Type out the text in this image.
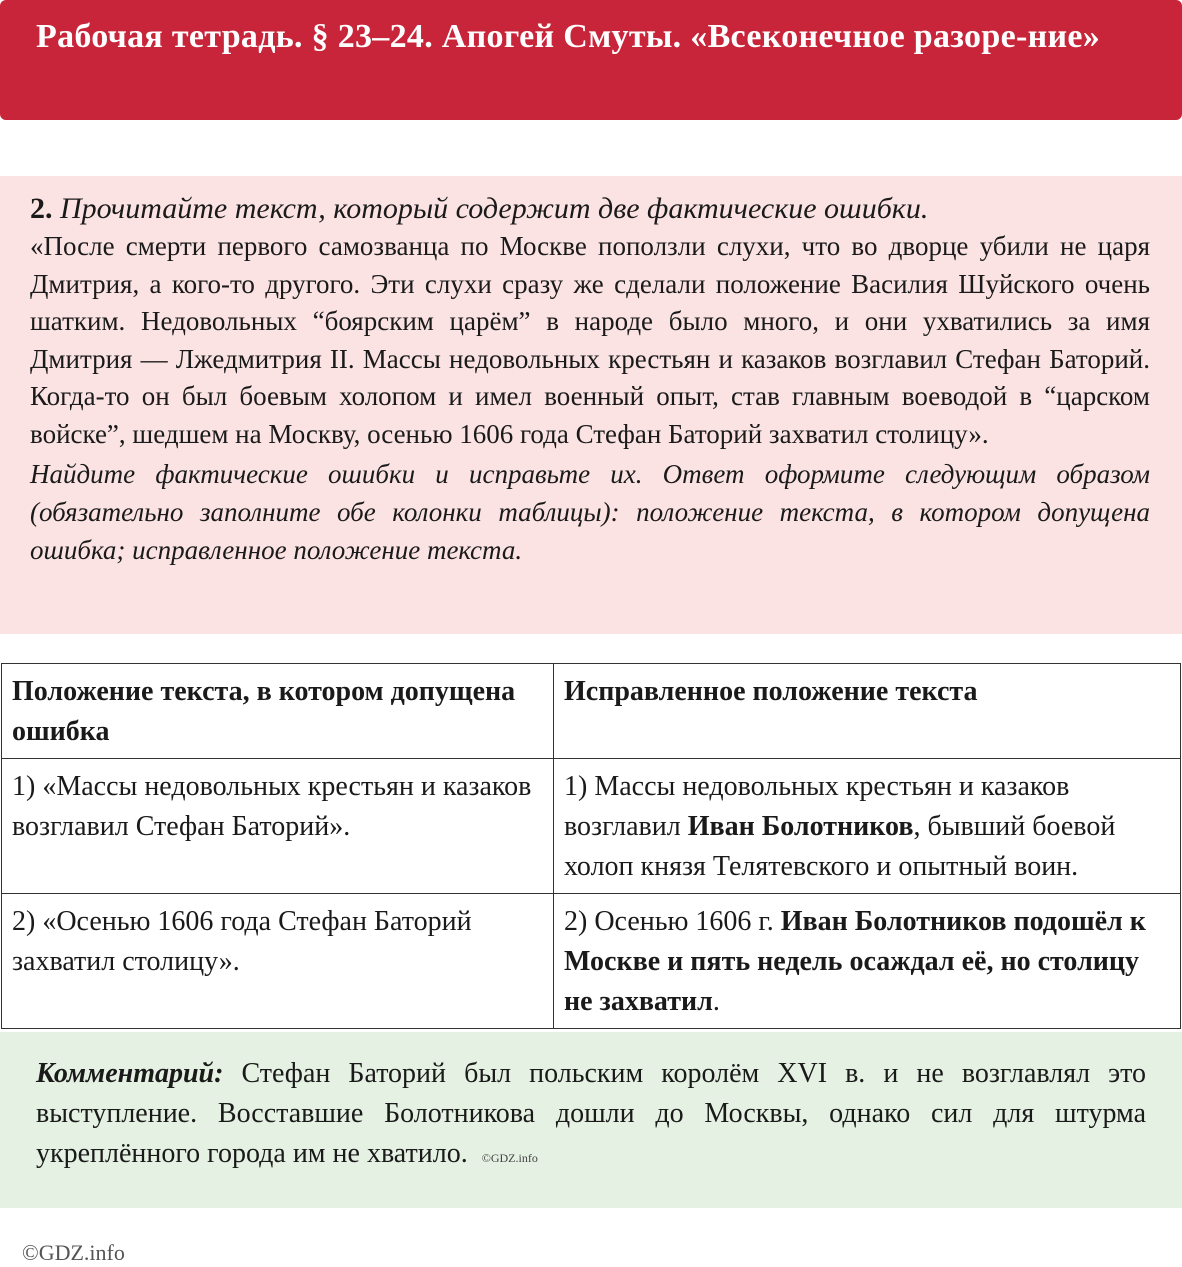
Рабочая тетрадь. § 23–24. Апогей Смуты. «Всеконечное разоре-ние»
2. Прочитайте текст, который содержит две фактические ошибки.
«После смерти первого самозванца по Москве поползли слухи, что во дворце убили не царя Дмитрия, а кого-то другого. Эти слухи сразу же сделали положение Василия Шуйского очень шатким. Недовольных “боярским царём” в народе было много, и они ухватились за имя Дмитрия — Лжедмитрия II. Массы недовольных крестьян и казаков возглавил Стефан Баторий. Когда-то он был боевым холопом и имел военный опыт, став главным воеводой в “царском войске”, шедшем на Москву, осенью 1606 года Стефан Баторий захватил столицу».
Найдите фактические ошибки и исправьте их. Ответ оформите следующим образом (обязательно заполните обе колонки таблицы): положение текста, в котором допущена ошибка; исправленное положение текста.
Положение текста, в котором допущена ошибка	Исправленное положение текста
1) «Массы недовольных крестьян и казаков возглавил Стефан Баторий».	1) Массы недовольных крестьян и казаков возглавил Иван Болотников, бывший боевой холоп князя Телятевского и опытный воин.
2) «Осенью 1606 года Стефан Баторий захватил столицу».	2) Осенью 1606 г. Иван Болотников подошёл к Москве и пять недель осаждал её, но столицу не захватил.
Комментарий: Стефан Баторий был польским королём XVI в. и не возглавлял это выступление. Восставшие Болотникова дошли до Москвы, однако сил для штурма укреплённого города им не хватило. ©GDZ.info
©GDZ.info
